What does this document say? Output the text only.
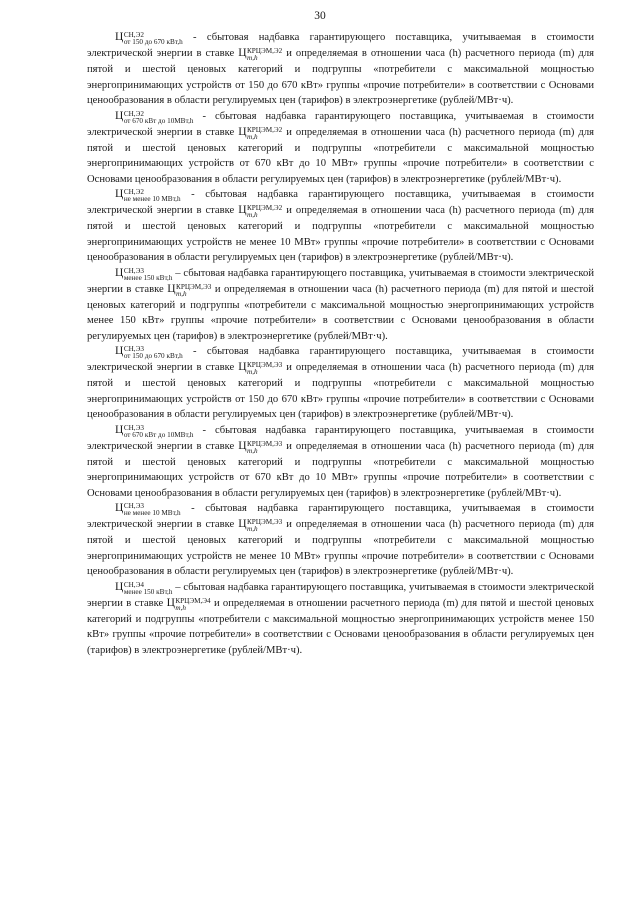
30

Ц СН,Э2
от 150 до 670 кВт,h - сбытовая надбавка гарантирующего поставщика, учитываемая в стоимости электрической энергии в ставке Ц КРЦЭМ,Э2
m,h	и определяемая в отношении часа (h) расчетного периода (m) для пятой и шестой ценовых категорий и подгруппы «потребители с максимальной мощностью энергопринимающих устройств от 150 до 670 кВт» группы «прочие потребители» в соответствии с Основами ценообразования в области регулируемых цен (тарифов) в электроэнергетике (рублей/МВт·ч).

Ц СН,Э2
от 670 кВт до 10МВт,h - сбытовая надбавка гарантирующего поставщика, учитываемая в стоимости электрической энергии в ставке Ц КРЦЭМ,Э2
m,h	и определяемая в отношении часа (h) расчетного периода (m) для пятой и шестой ценовых категорий и подгруппы «потребители с максимальной мощностью энергопринимающих устройств от 670 кВт до 10 МВт» группы «прочие потребители» в соответствии с Основами ценообразования в области регулируемых цен (тарифов) в электроэнергетике (рублей/МВт·ч).

Ц СН,Э2
не менее 10 МВт,h - сбытовая надбавка гарантирующего поставщика, учитываемая в стоимости электрической энергии в ставке Ц КРЦЭМ,Э2
m,h	и определяемая в отношении часа (h) расчетного периода (m) для пятой и шестой ценовых категорий и подгруппы «потребители с максимальной мощностью энергопринимающих устройств не менее 10 МВт» группы «прочие потребители» в соответствии с Основами ценообразования в области регулируемых цен (тарифов) в электроэнергетике (рублей/МВт·ч).

Ц СН,Э3
менее 150 кВт,h – сбытовая надбавка гарантирующего поставщика, учитываемая в стоимости электрической энергии в ставке Ц КРЦЭМ,Э3
m,h	и определяемая в отношении часа (h) расчетного периода (m) для пятой и шестой ценовых категорий и подгруппы «потребители с максимальной мощностью энергопринимающих устройств менее 150 кВт» группы «прочие потребители» в соответствии с Основами ценообразования в области регулируемых цен (тарифов) в электроэнергетике (рублей/МВт·ч).

Ц СН,Э3
от 150 до 670 кВт,h - сбытовая надбавка гарантирующего поставщика, учитываемая в стоимости электрической энергии в ставке Ц КРЦЭМ,Э3
m,h	и определяемая в отношении часа (h) расчетного периода (m) для пятой и шестой ценовых категорий и подгруппы «потребители с максимальной мощностью энергопринимающих устройств от 150 до 670 кВт» группы «прочие потребители» в соответствии с Основами ценообразования в области регулируемых цен (тарифов) в электроэнергетике (рублей/МВт·ч).

Ц СН,Э3
от 670 кВт до 10МВт,h - сбытовая надбавка гарантирующего поставщика, учитываемая в стоимости электрической энергии в ставке Ц КРЦЭМ,Э3
m,h	и определяемая в отношении часа (h) расчетного периода (m) для пятой и шестой ценовых категорий и подгруппы «потребители с максимальной мощностью энергопринимающих устройств от 670 кВт до 10 МВт» группы «прочие потребители» в соответствии с Основами ценообразования в области регулируемых цен (тарифов) в электроэнергетике (рублей/МВт·ч).

Ц СН,Э3
не менее 10 МВт,h - сбытовая надбавка гарантирующего поставщика, учитываемая в стоимости электрической энергии в ставке Ц КРЦЭМ,Э3
m,h	и определяемая в отношении часа (h) расчетного периода (m) для пятой и шестой ценовых категорий и подгруппы «потребители с максимальной мощностью энергопринимающих устройств не менее 10 МВт» группы «прочие потребители» в соответствии с Основами ценообразования в области регулируемых цен (тарифов) в электроэнергетике (рублей/МВт·ч).

Ц СН,Э4
менее 150 кВт,h – сбытовая надбавка гарантирующего поставщика, учитываемая в стоимости электрической энергии в ставке Ц КРЦЭМ,Э4
m,h	и определяемая в отношении расчетного периода (m) для пятой и шестой ценовых категорий и подгруппы «потребители с максимальной мощностью энергопринимающих устройств менее 150 кВт» группы «прочие потребители» в соответствии с Основами ценообразования в области регулируемых цен (тарифов) в электроэнергетике (рублей/МВт·ч).
